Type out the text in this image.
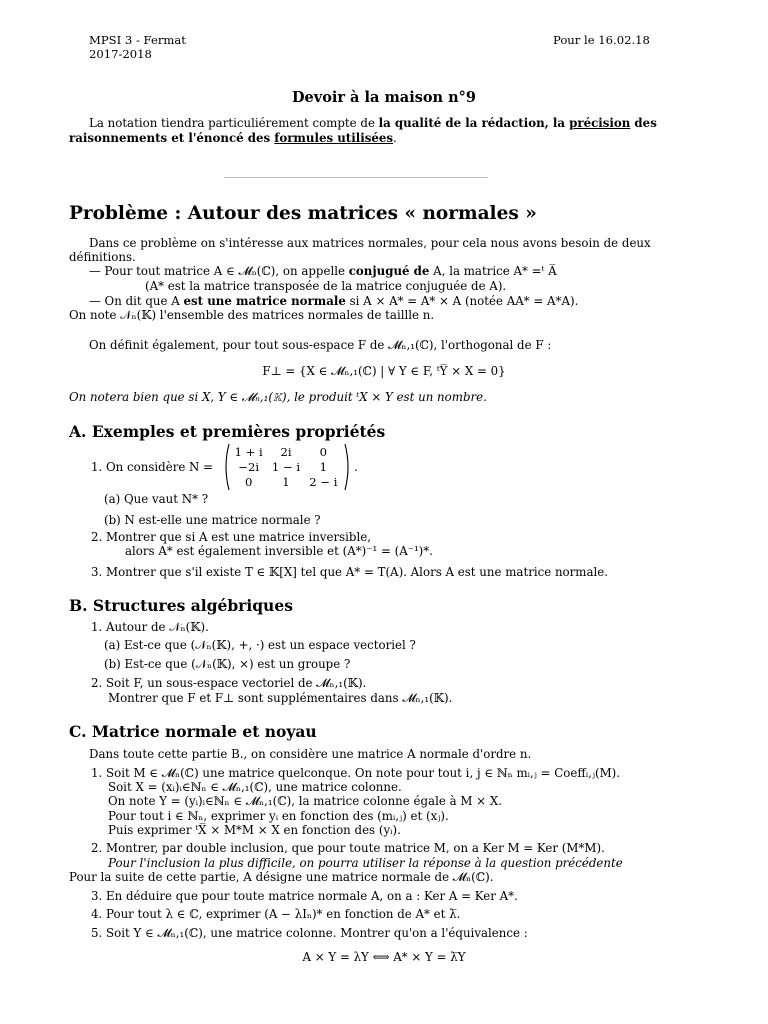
MPSI 3 - Fermat
2017-2018
Pour le 16.02.18
Devoir à la maison n°9
La notation tiendra particuliérement compte de la qualité de la rédaction, la précision des
raisonnements et l'énoncé des formules utilisées.
Problème : Autour des matrices « normales »
Dans ce problème on s'intéresse aux matrices normales, pour cela nous avons besoin de deux
définitions.
— Pour tout matrice A ∈ 𝓜ₙ(ℂ), on appelle conjugué de A, la matrice A* =ᵗ A̅
(A* est la matrice transposée de la matrice conjuguée de A).
— On dit que A est une matrice normale si A × A* = A* × A (notée AA* = A*A).
On note 𝒩ₙ(𝕂) l'ensemble des matrices normales de taillle n.
On définit également, pour tout sous-espace F de 𝓜ₙ,₁(ℂ), l'orthogonal de F :
F⊥ = {X ∈ 𝓜ₙ,₁(ℂ) | ∀ Y ∈ F, ᵗY̅ × X = 0}
On notera bien que si X, Y ∈ 𝓜ₙ,₁(𝕂), le produit ᵗX × Y est un nombre.
A. Exemples et premières propriétés
1. On considère N =
1 + i	2i	0
−2i	1 − i	1
0	1	2 − i
.
(a) Que vaut N* ?
(b) N est-elle une matrice normale ?
2. Montrer que si A est une matrice inversible,
alors A* est également inversible et (A*)⁻¹ = (A⁻¹)*.
3. Montrer que s'il existe T ∈ 𝕂[X] tel que A* = T(A). Alors A est une matrice normale.
B. Structures algébriques
1. Autour de 𝒩ₙ(𝕂).
(a) Est-ce que (𝒩ₙ(𝕂), +, ·) est un espace vectoriel ?
(b) Est-ce que (𝒩ₙ(𝕂), ×) est un groupe ?
2. Soit F, un sous-espace vectoriel de 𝓜ₙ,₁(𝕂).
Montrer que F et F⊥ sont supplémentaires dans 𝓜ₙ,₁(𝕂).
C. Matrice normale et noyau
Dans toute cette partie B., on considère une matrice A normale d'ordre n.
1. Soit M ∈ 𝓜ₙ(ℂ) une matrice quelconque. On note pour tout i, j ∈ ℕₙ mᵢ,ⱼ = Coeffᵢ,ⱼ(M).
Soit X = (xᵢ)ᵢ∈ℕₙ ∈ 𝓜ₙ,₁(ℂ), une matrice colonne.
On note Y = (yᵢ)ᵢ∈ℕₙ ∈ 𝓜ₙ,₁(ℂ), la matrice colonne égale à M × X.
Pour tout i ∈ ℕₙ, exprimer yᵢ en fonction des (mᵢ,ⱼ) et (xⱼ).
Puis exprimer ᵗX̅ × M*M × X en fonction des (yᵢ).
2. Montrer, par double inclusion, que pour toute matrice M, on a Ker M = Ker (M*M).
Pour l'inclusion la plus difficile, on pourra utiliser la réponse à la question précédente
Pour la suite de cette partie, A désigne une matrice normale de 𝓜ₙ(ℂ).
3. En déduire que pour toute matrice normale A, on a : Ker A = Ker A*.
4. Pour tout λ ∈ ℂ, exprimer (A − λIₙ)* en fonction de A* et λ̅.
5. Soit Y ∈ 𝓜ₙ,₁(ℂ), une matrice colonne. Montrer qu'on a l'équivalence :
A × Y = λY ⟺ A* × Y = λ̅Y
